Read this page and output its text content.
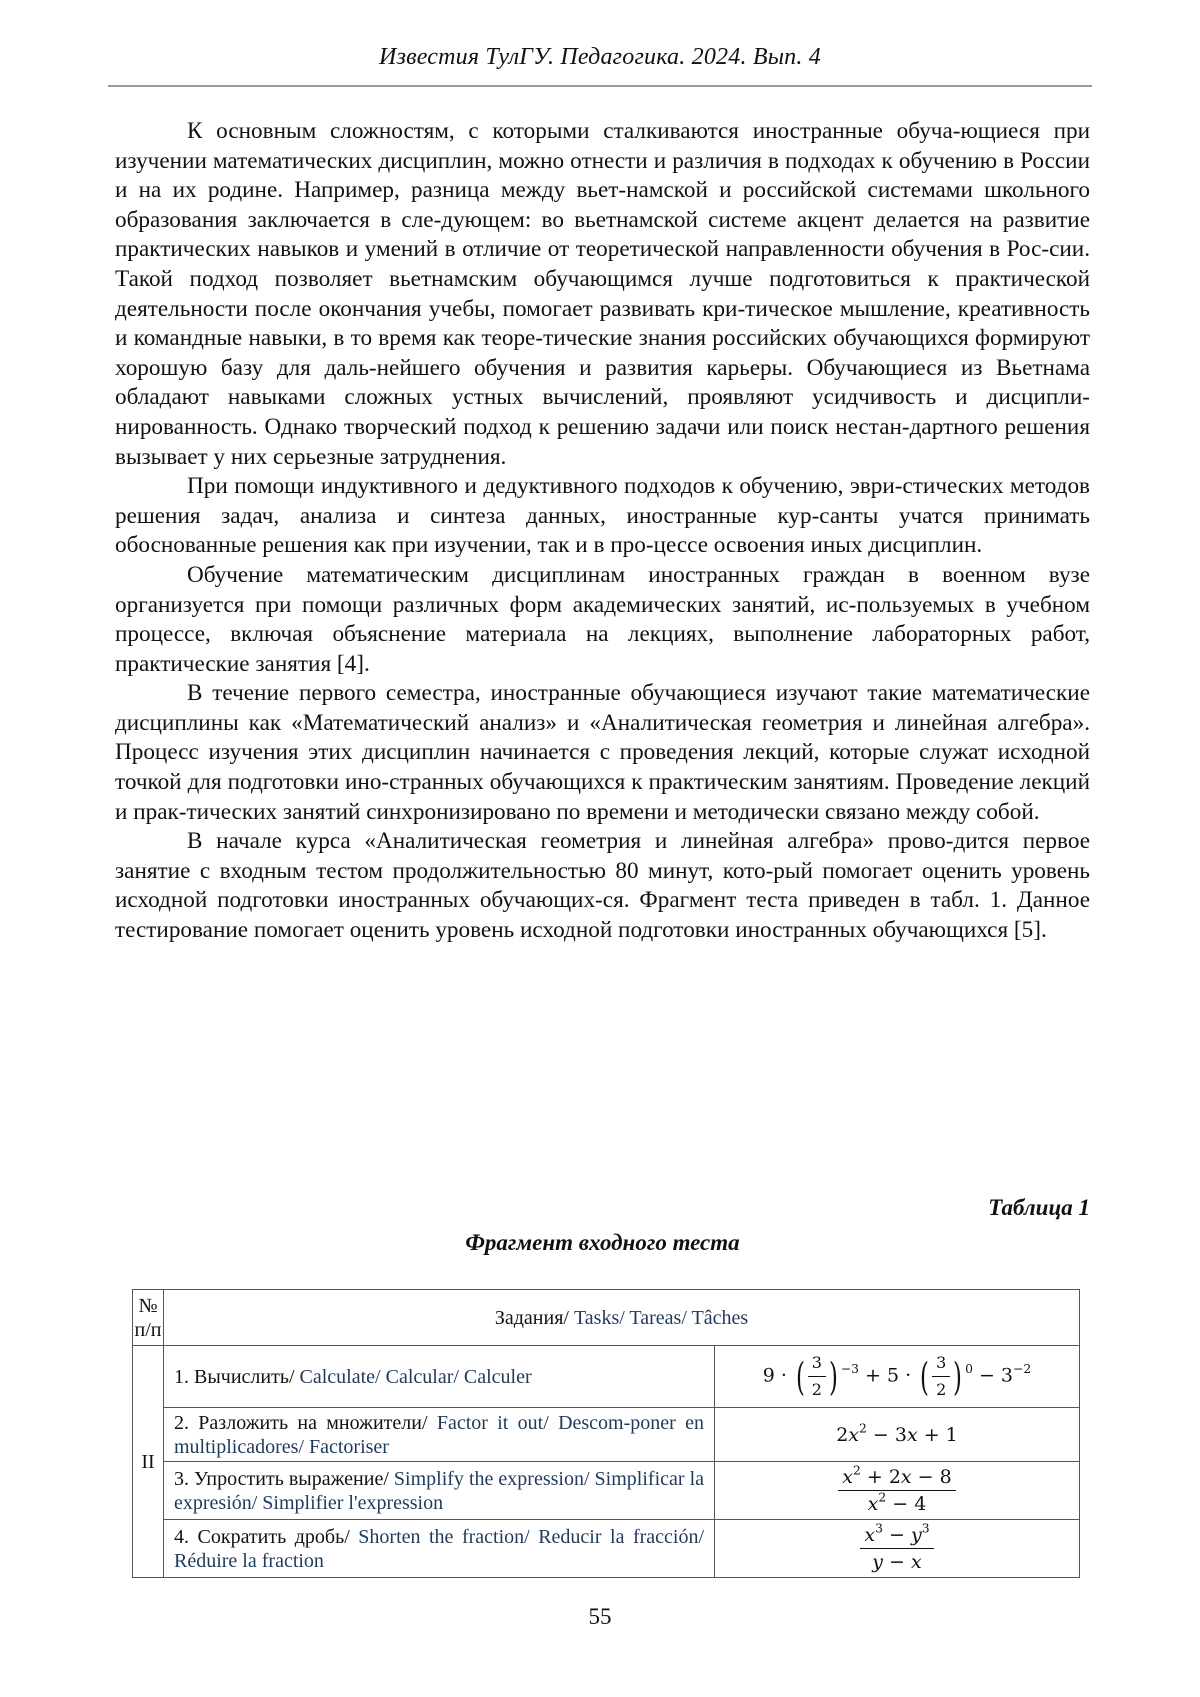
Известия ТулГУ. Педагогика. 2024. Вып. 4

К основным сложностям, с которыми сталкиваются иностранные обуча-ющиеся при изучении математических дисциплин, можно отнести и различия в подходах к обучению в России и на их родине. Например, разница между вьет-намской и российской системами школьного образования заключается в сле-дующем: во вьетнамской системе акцент делается на развитие практических навыков и умений в отличие от теоретической направленности обучения в Рос-сии. Такой подход позволяет вьетнамским обучающимся лучше подготовиться к практической деятельности после окончания учебы, помогает развивать кри-тическое мышление, креативность и командные навыки, в то время как теоре-тические знания российских обучающихся формируют хорошую базу для даль-нейшего обучения и развития карьеры. Обучающиеся из Вьетнама обладают навыками сложных устных вычислений, проявляют усидчивость и дисципли-нированность. Однако творческий подход к решению задачи или поиск нестан-дартного решения вызывает у них серьезные затруднения.

При помощи индуктивного и дедуктивного подходов к обучению, эври-стических методов решения задач, анализа и синтеза данных, иностранные кур-санты учатся принимать обоснованные решения как при изучении, так и в про-цессе освоения иных дисциплин.

Обучение математическим дисциплинам иностранных граждан в военном вузе организуется при помощи различных форм академических занятий, ис-пользуемых в учебном процессе, включая объяснение материала на лекциях, выполнение лабораторных работ, практические занятия [4].

В течение первого семестра, иностранные обучающиеся изучают такие математические дисциплины как «Математический анализ» и «Аналитическая геометрия и линейная алгебра». Процесс изучения этих дисциплин начинается с проведения лекций, которые служат исходной точкой для подготовки ино-странных обучающихся к практическим занятиям. Проведение лекций и прак-тических занятий синхронизировано по времени и методически связано между собой.

В начале курса «Аналитическая геометрия и линейная алгебра» прово-дится первое занятие с входным тестом продолжительностью 80 минут, кото-рый помогает оценить уровень исходной подготовки иностранных обучающих-ся. Фрагмент теста приведен в табл. 1. Данное тестирование помогает оценить уровень исходной подготовки иностранных обучающихся [5].

Таблица 1
Фрагмент входного теста
№
п/п	Задания/ Tasks/ Tareas/ Tâches	
II	1. Вычислить/ Calculate/ Calcular/ Calculer	9 · ( $\frac{3}{2}$ ) $^{-3}$ + 5 · ( $\frac{3}{2}$ ) $^0 - 3^{-2}$
	2. Разложить на множители/ Factor it out/ Descom-poner en multiplicadores/ Factoriser	$2x^2 - 3x + 1$
	3. Упростить выражение/ Simplify the expression/ Simplificar la expresión/ Simplifier l'expression	$\frac{x^2 + 2x - 8}{x^2 - 4}$

	4. Сократить дробь/ Shorten the fraction/ Reducir la fracción/ Réduire la fraction	$\frac{x^3 - y^3}{y - x}$
55
